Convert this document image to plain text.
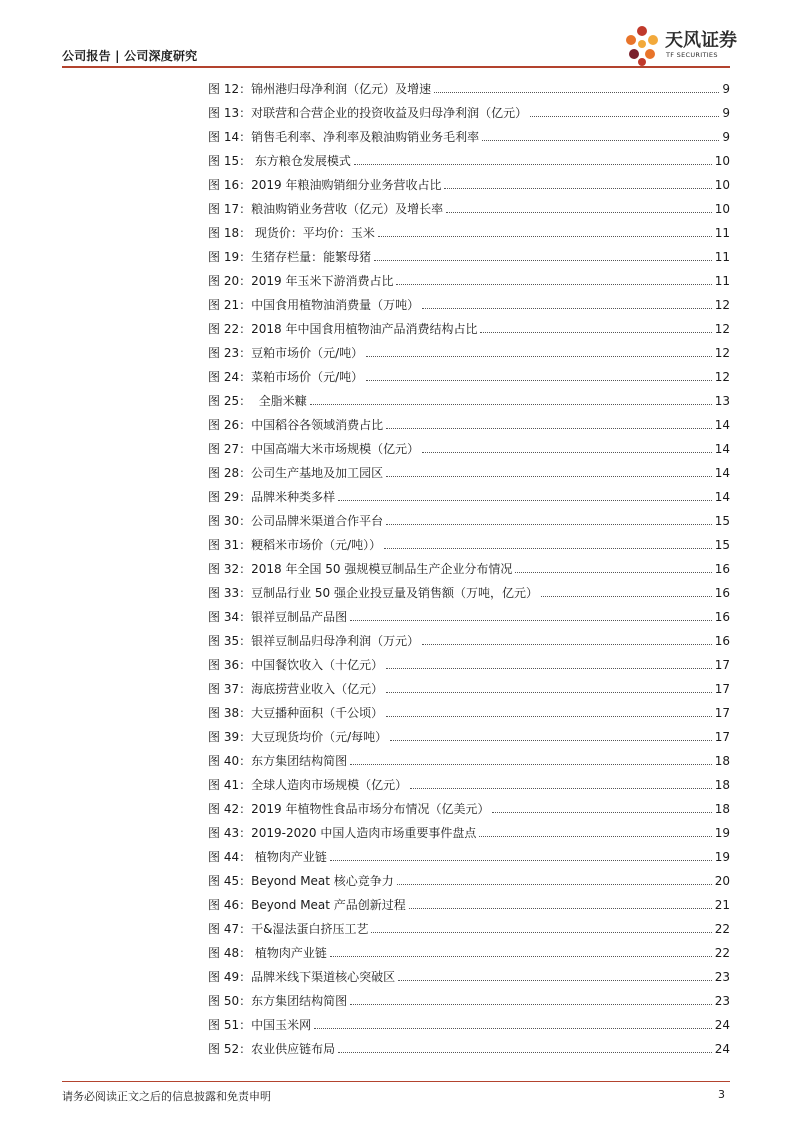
公司报告 | 公司深度研究
天风证券
TF SECURITIES
图 12： 锦州港归母净利润（亿元）及增速	9
图 13： 对联营和合营企业的投资收益及归母净利润（亿元）	9
图 14： 销售毛利率、净利率及粮油购销业务毛利率	9
图 15： 东方粮仓发展模式	10
图 16： 2019 年粮油购销细分业务营收占比	10
图 17： 粮油购销业务营收（亿元）及增长率	10
图 18： 现货价：平均价：玉米	11
图 19： 生猪存栏量：能繁母猪	11
图 20： 2019 年玉米下游消费占比	11
图 21： 中国食用植物油消费量（万吨）	12
图 22： 2018 年中国食用植物油产品消费结构占比	12
图 23： 豆粕市场价（元/吨）	12
图 24： 菜粕市场价（元/吨）	12
图 25： 全脂米糠	13
图 26： 中国稻谷各领域消费占比	14
图 27： 中国高端大米市场规模（亿元）	14
图 28： 公司生产基地及加工园区	14
图 29： 品牌米种类多样	14
图 30： 公司品牌米渠道合作平台	15
图 31： 粳稻米市场价（元/吨））	15
图 32： 2018 年全国 50 强规模豆制品生产企业分布情况	16
图 33： 豆制品行业 50 强企业投豆量及销售额（万吨，亿元）	16
图 34： 银祥豆制品产品图	16
图 35： 银祥豆制品归母净利润（万元）	16
图 36： 中国餐饮收入（十亿元）	17
图 37： 海底捞营业收入（亿元）	17
图 38： 大豆播种面积（千公顷）	17
图 39： 大豆现货均价（元/每吨）	17
图 40： 东方集团结构简图	18
图 41： 全球人造肉市场规模（亿元）	18
图 42： 2019 年植物性食品市场分布情况（亿美元）	18
图 43： 2019-2020 中国人造肉市场重要事件盘点	19
图 44： 植物肉产业链	19
图 45： Beyond Meat 核心竞争力	20
图 46： Beyond Meat 产品创新过程	21
图 47： 干&湿法蛋白挤压工艺	22
图 48： 植物肉产业链	22
图 49： 品牌米线下渠道核心突破区	23
图 50： 东方集团结构简图	23
图 51： 中国玉米网	24
图 52： 农业供应链布局	24
请务必阅读正文之后的信息披露和免责申明	3
